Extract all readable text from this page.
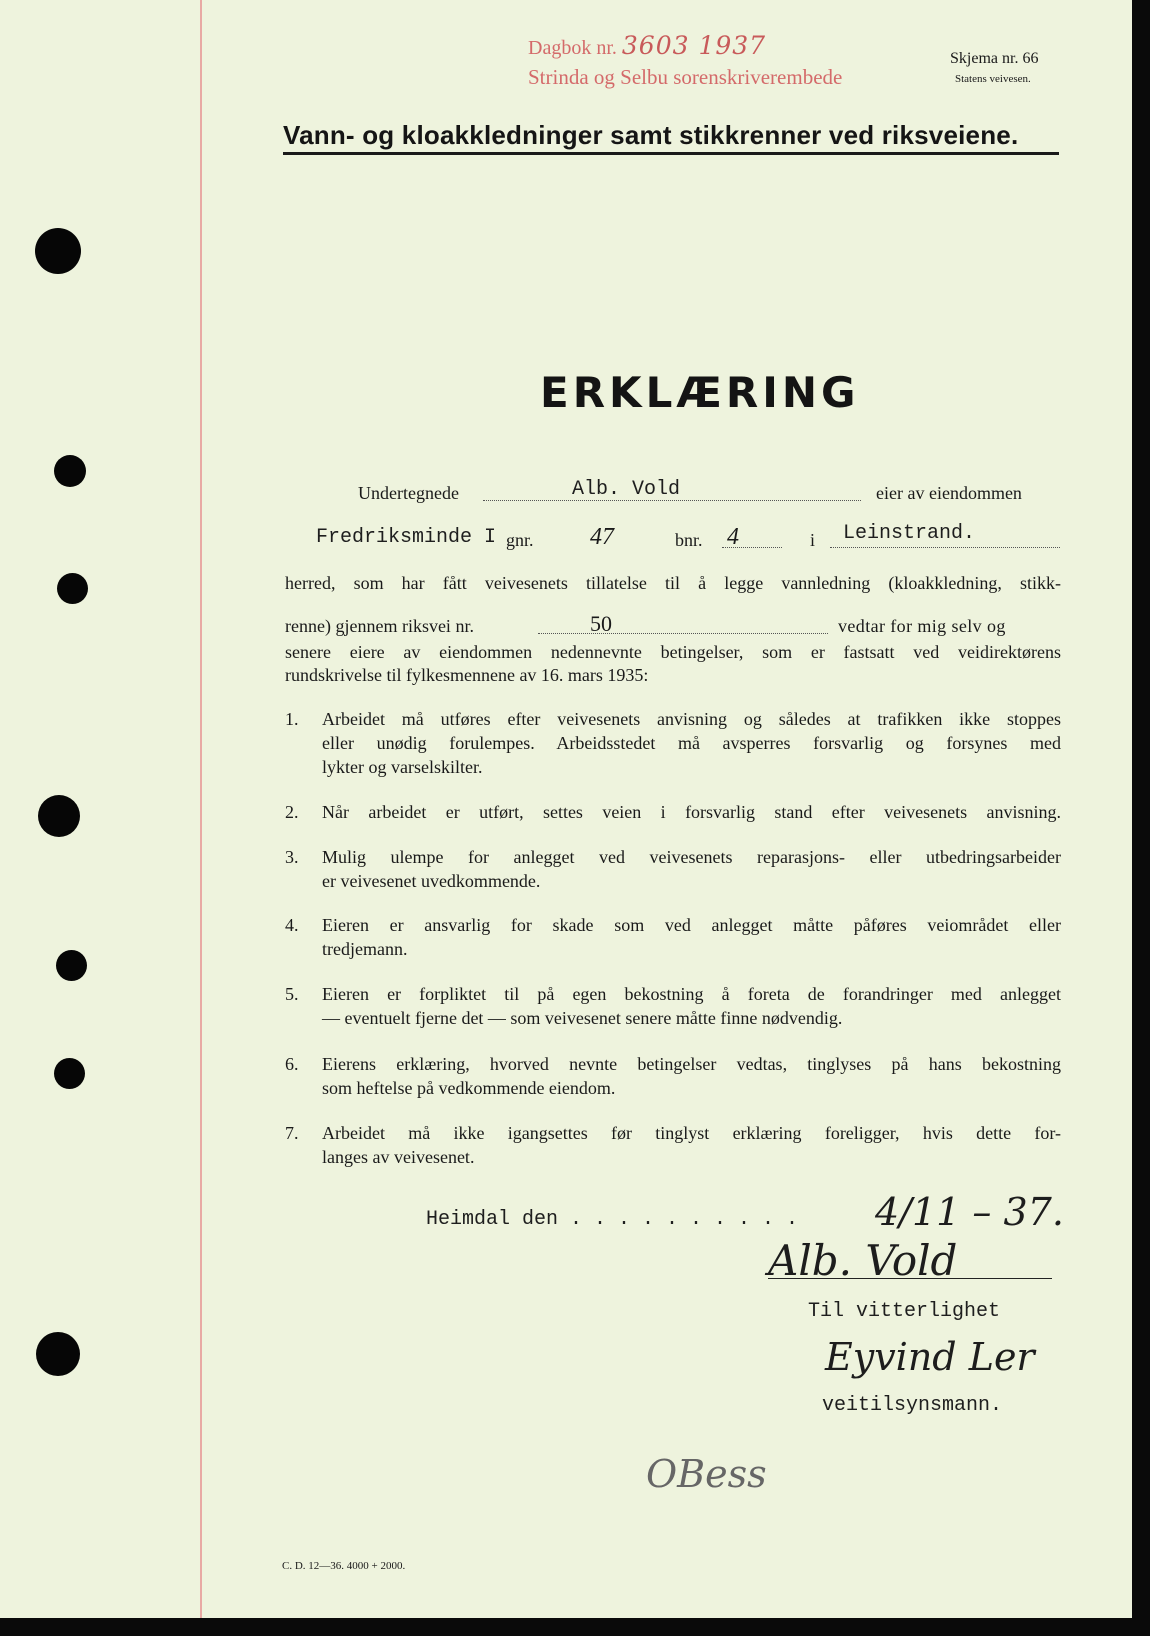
Dagbok nr. 3603 1937
Strinda og Selbu sorenskriverembede
Skjema nr. 66
Statens veivesen.
Vann- og kloakkledninger samt stikkrenner ved riksveiene.
ERKLÆRING
Undertegnede	Alb. Vold	eier av eiendommen
Fredriksminde I gnr. 47	bnr. 4	i Leinstrand.
herred, som har fått veivesenets tillatelse til å legge vannledning (kloakkledning, stikk-
renne) gjennem riksvei nr.	50	vedtar for mig selv og
senere eiere av eiendommen nedennevnte betingelser, som er fastsatt ved veidirektørens
rundskrivelse til fylkesmennene av 16. mars 1935:
1. Arbeidet må utføres efter veivesenets anvisning og således at trafikken ikke stoppes
eller unødig forulempes. Arbeidsstedet må avsperres forsvarlig og forsynes med
lykter og varselskilter.
2. Når arbeidet er utført, settes veien i forsvarlig stand efter veivesenets anvisning.
3. Mulig ulempe for anlegget ved veivesenets reparasjons- eller utbedringsarbeider
er veivesenet uvedkommende.
4. Eieren er ansvarlig for skade som ved anlegget måtte påføres veiområdet eller
tredjemann.
5. Eieren er forpliktet til på egen bekostning å foreta de forandringer med anlegget
— eventuelt fjerne det — som veivesenet senere måtte finne nødvendig.
6. Eierens erklæring, hvorved nevnte betingelser vedtas, tinglyses på hans bekostning
som heftelse på vedkommende eiendom.
7. Arbeidet må ikke igangsettes før tinglyst erklæring foreligger, hvis dette for-
langes av veivesenet.
Heimdal den . . . . . . . . . . 4/11 – 37.
Alb. Vold
Til vitterlighet
Eyvind Ler
veitilsynsmann.
OBess
C. D. 12—36. 4000 + 2000.
